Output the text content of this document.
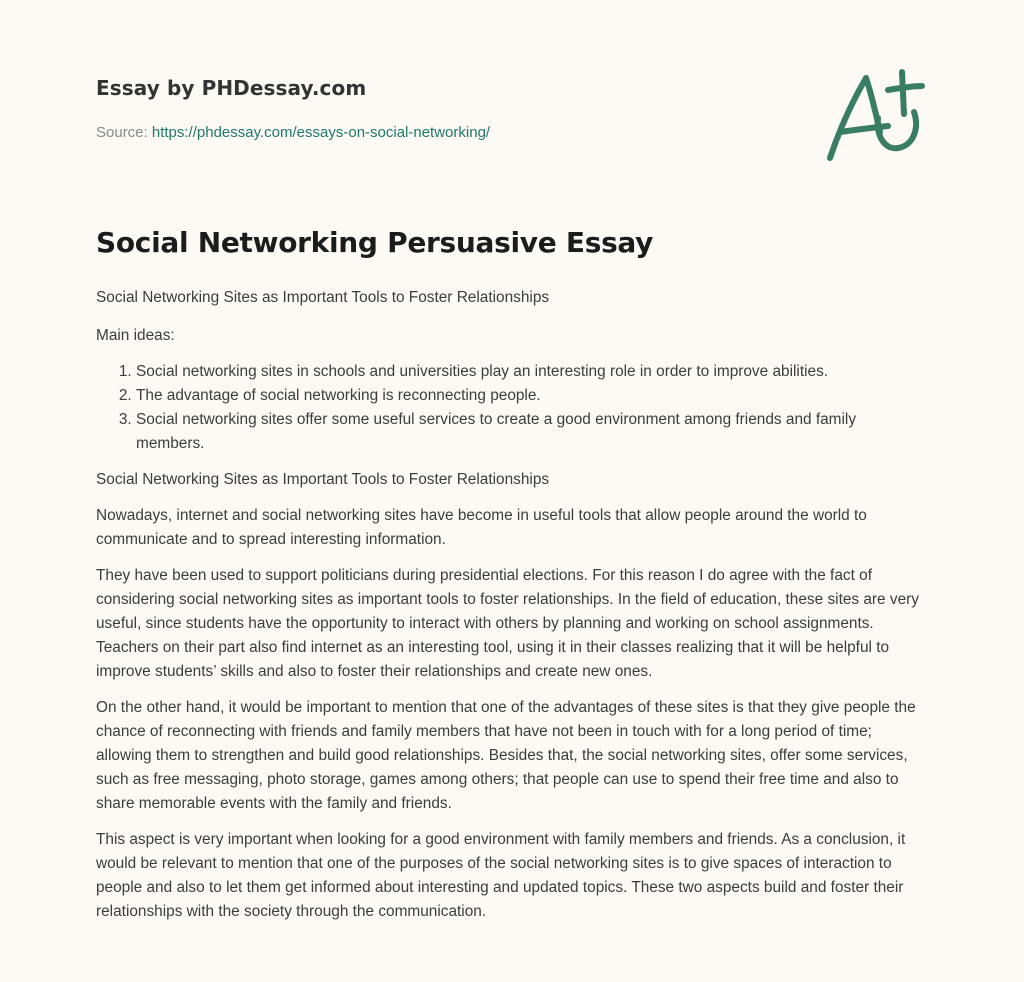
Essay by PHDessay.com
Source: https://phdessay.com/essays-on-social-networking/
Social Networking Persuasive Essay

Social Networking Sites as Important Tools to Foster Relationships

Main ideas:

1. Social networking sites in schools and universities play an interesting role in order to improve abilities.
2. The advantage of social networking is reconnecting people.
3. Social networking sites offer some useful services to create a good environment among friends and family members.

Social Networking Sites as Important Tools to Foster Relationships

Nowadays, internet and social networking sites have become in useful tools that allow people around the world to communicate and to spread interesting information.

They have been used to support politicians during presidential elections. For this reason I do agree with the fact of considering social networking sites as important tools to foster relationships. In the field of education, these sites are very useful, since students have the opportunity to interact with others by planning and working on school assignments. Teachers on their part also find internet as an interesting tool, using it in their classes realizing that it will be helpful to improve students’ skills and also to foster their relationships and create new ones.

On the other hand, it would be important to mention that one of the advantages of these sites is that they give people the chance of reconnecting with friends and family members that have not been in touch with for a long period of time; allowing them to strengthen and build good relationships. Besides that, the social networking sites, offer some services, such as free messaging, photo storage, games among others; that people can use to spend their free time and also to share memorable events with the family and friends.

This aspect is very important when looking for a good environment with family members and friends. As a conclusion, it would be relevant to mention that one of the purposes of the social networking sites is to give spaces of interaction to people and also to let them get informed about interesting and updated topics. These two aspects build and foster their relationships with the society through the communication.
